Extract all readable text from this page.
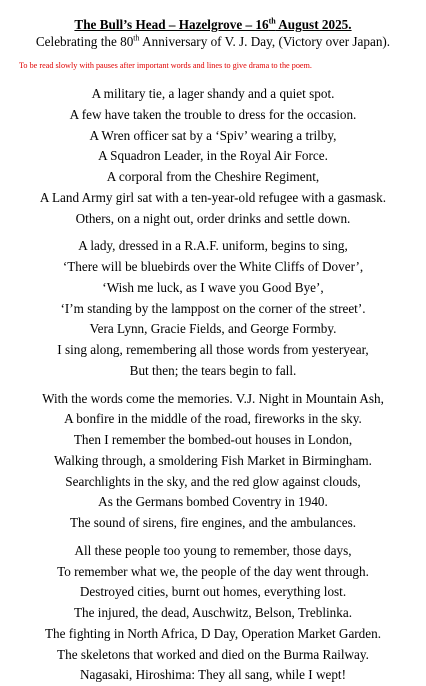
The Bull’s Head – Hazelgrove – 16th August 2025.

Celebrating the 80th Anniversary of V. J. Day, (Victory over Japan).

To be read slowly with pauses after important words and lines to give drama to the poem.

A military tie, a lager shandy and a quiet spot.
A few have taken the trouble to dress for the occasion.
A Wren officer sat by a ‘Spiv’ wearing a trilby,
A Squadron Leader, in the Royal Air Force.
A corporal from the Cheshire Regiment,
A Land Army girl sat with a ten-year-old refugee with a gasmask.
Others, on a night out, order drinks and settle down.
A lady, dressed in a R.A.F. uniform, begins to sing,
‘There will be bluebirds over the White Cliffs of Dover’,
‘Wish me luck, as I wave you Good Bye’,
‘I’m standing by the lamppost on the corner of the street’.
Vera Lynn, Gracie Fields, and George Formby.
I sing along, remembering all those words from yesteryear,
But then; the tears begin to fall.
With the words come the memories. V.J. Night in Mountain Ash,
A bonfire in the middle of the road, fireworks in the sky.
Then I remember the bombed-out houses in London,
Walking through, a smoldering Fish Market in Birmingham.
Searchlights in the sky, and the red glow against clouds,
As the Germans bombed Coventry in 1940.
The sound of sirens, fire engines, and the ambulances.
All these people too young to remember, those days,
To remember what we, the people of the day went through.
Destroyed cities, burnt out homes, everything lost.
The injured, the dead, Auschwitz, Belson, Treblinka.
The fighting in North Africa, D Day, Operation Market Garden.
The skeletons that worked and died on the Burma Railway.
Nagasaki, Hiroshima: They all sang, while I wept!
